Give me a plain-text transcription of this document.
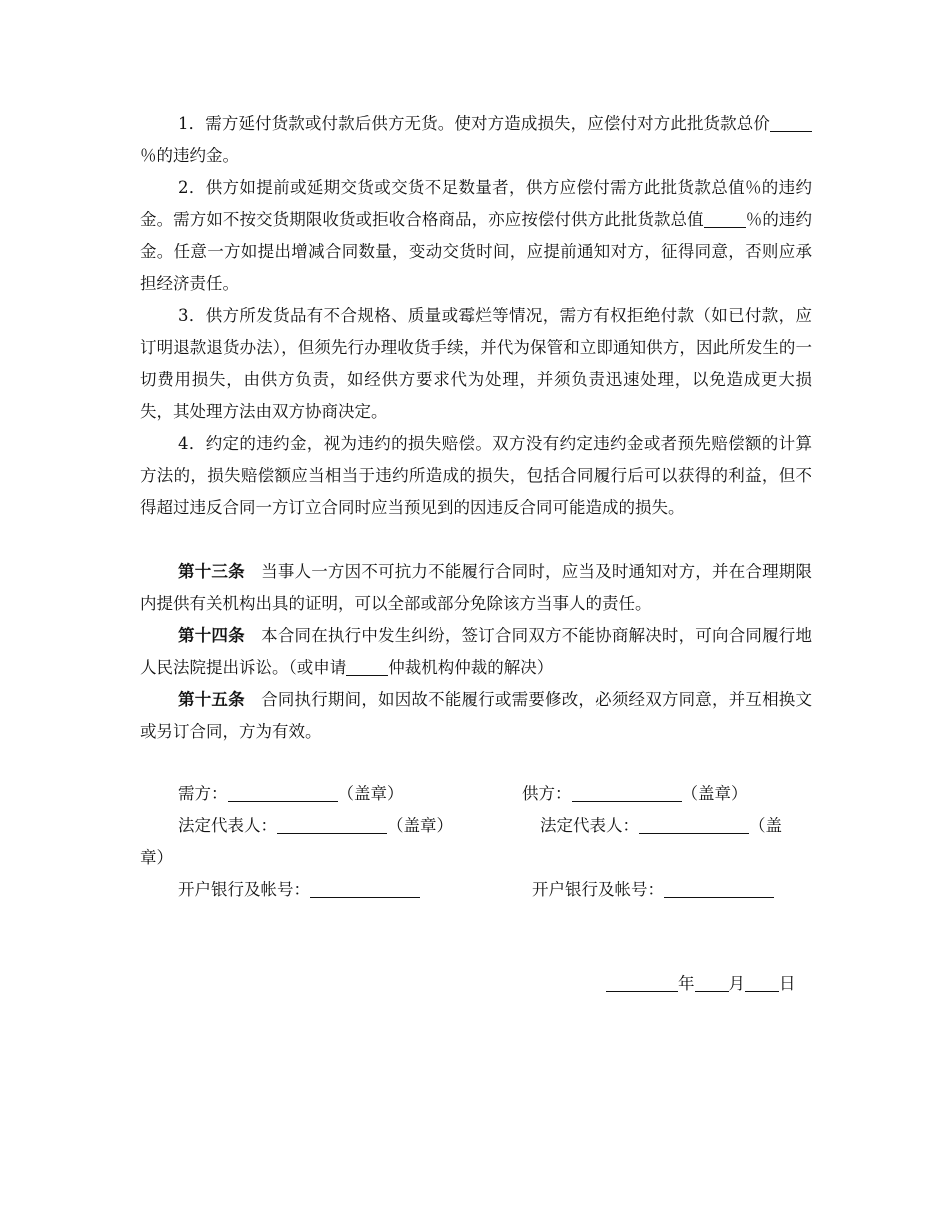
1．需方延付货款或付款后供方无货。使对方造成损失，应偿付对方此批货款总价％的违约金。

2．供方如提前或延期交货或交货不足数量者，供方应偿付需方此批货款总值％的违约金。需方如不按交货期限收货或拒收合格商品，亦应按偿付供方此批货款总值	％的违约金。任意一方如提出增减合同数量，变动交货时间，应提前通知对方，征得同意，否则应承担经济责任。

3．供方所发货品有不合规格、质量或霉烂等情况，需方有权拒绝付款（如已付款，应订明退款退货办法），但须先行办理收货手续，并代为保管和立即通知供方，因此所发生的一切费用损失，由供方负责，如经供方要求代为处理，并须负责迅速处理，以免造成更大损失，其处理方法由双方协商决定。

4．约定的违约金，视为违约的损失赔偿。双方没有约定违约金或者预先赔偿额的计算方法的，损失赔偿额应当相当于违约所造成的损失，包括合同履行后可以获得的利益，但不得超过违反合同一方订立合同时应当预见到的因违反合同可能造成的损失。

第十三条 当事人一方因不可抗力不能履行合同时，应当及时通知对方，并在合理期限内提供有关机构出具的证明，可以全部或部分免除该方当事人的责任。

第十四条 本合同在执行中发生纠纷，签订合同双方不能协商解决时，可向合同履行地人民法院提出诉讼。（或申请	仲裁机构仲裁的解决）

第十五条 合同执行期间，如因故不能履行或需要修改，必须经双方同意，并互相换文或另订合同，方为有效。

需方：	（盖章）	供方：	（盖章）
法定代表人：	（盖章）	法定代表人：	（盖
章）
开户银行及帐号：	开户银行及帐号：
年 月 日
